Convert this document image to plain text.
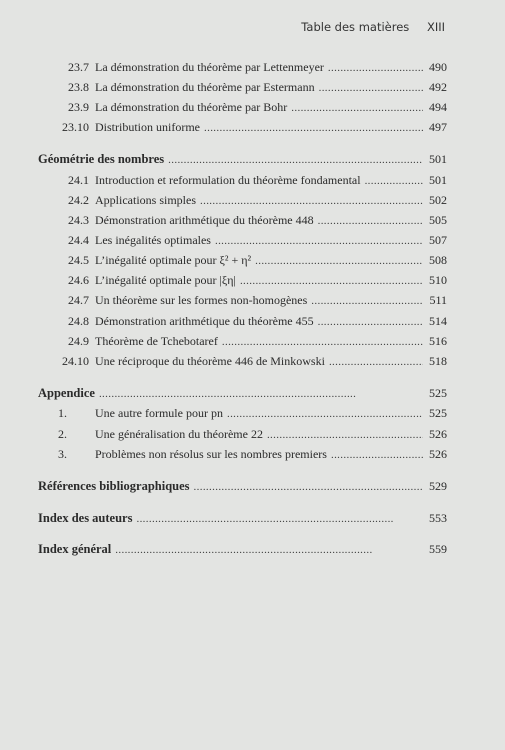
Table des matières XIII
23.7 La démonstration du théorème par Lettenmeyer . . .	490
23.8 La démonstration du théorème par Estermann . . .	492
23.9 La démonstration du théorème par Bohr . . .	494
23.10 Distribution uniforme . . .	497
Géométrie des nombres . . .	501
24.1 Introduction et reformulation du théorème fondamental . . .	501
24.2 Applications simples . . .	502
24.3 Démonstration arithmétique du théorème 448 . . .	505
24.4 Les inégalités optimales . . .	507
24.5 L’inégalité optimale pour ξ² + η² . . .	508
24.6 L’inégalité optimale pour |ξη| . . .	510
24.7 Un théorème sur les formes non-homogènes . . .	511
24.8 Démonstration arithmétique du théorème 455 . . .	514
24.9 Théorème de Tchebotaref . . .	516
24.10 Une réciproque du théorème 446 de Minkowski . . .	518
Appendice . . .	525
1.	Une autre formule pour pn . . .	525
2.	Une généralisation du théorème 22 . . .	526
3.	Problèmes non résolus sur les nombres premiers . . .	526
Références bibliographiques . . .	529
Index des auteurs . . .	553
Index général . . .	559
